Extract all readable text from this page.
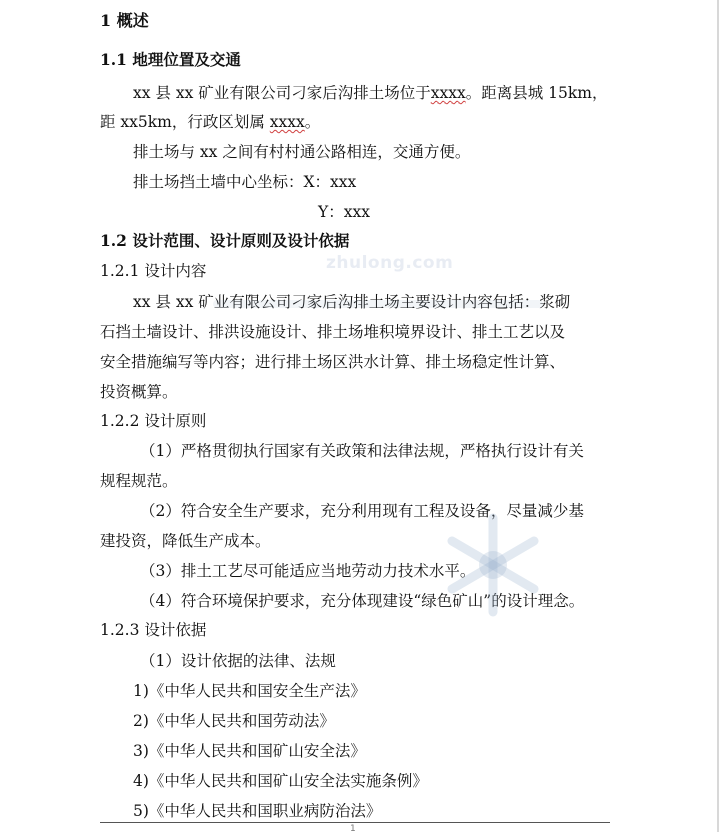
1 概述
1.1 地理位置及交通
xx 县 xx 矿业有限公司刁家后沟排土场位于xxxx。距离县城 15km，
距 xx5km，行政区划属 xxxx。
排土场与 xx 之间有村村通公路相连，交通方便。
排土场挡土墙中心坐标：X：xxx
Y：xxx
1.2 设计范围、设计原则及设计依据
1.2.1 设计内容
xx 县 xx 矿业有限公司刁家后沟排土场主要设计内容包括：浆砌
石挡土墙设计、排洪设施设计、排土场堆积境界设计、排土工艺以及
安全措施编写等内容；进行排土场区洪水计算、排土场稳定性计算、
投资概算。
1.2.2 设计原则
（1）严格贯彻执行国家有关政策和法律法规，严格执行设计有关
规程规范。
（2）符合安全生产要求，充分利用现有工程及设备，尽量减少基
建投资，降低生产成本。
（3）排土工艺尽可能适应当地劳动力技术水平。
（4）符合环境保护要求，充分体现建设“绿色矿山”的设计理念。
1.2.3 设计依据
（1）设计依据的法律、法规
1)《中华人民共和国安全生产法》
2)《中华人民共和国劳动法》
3)《中华人民共和国矿山安全法》
4)《中华人民共和国矿山安全法实施条例》
5)《中华人民共和国职业病防治法》
zhulong.com
1
